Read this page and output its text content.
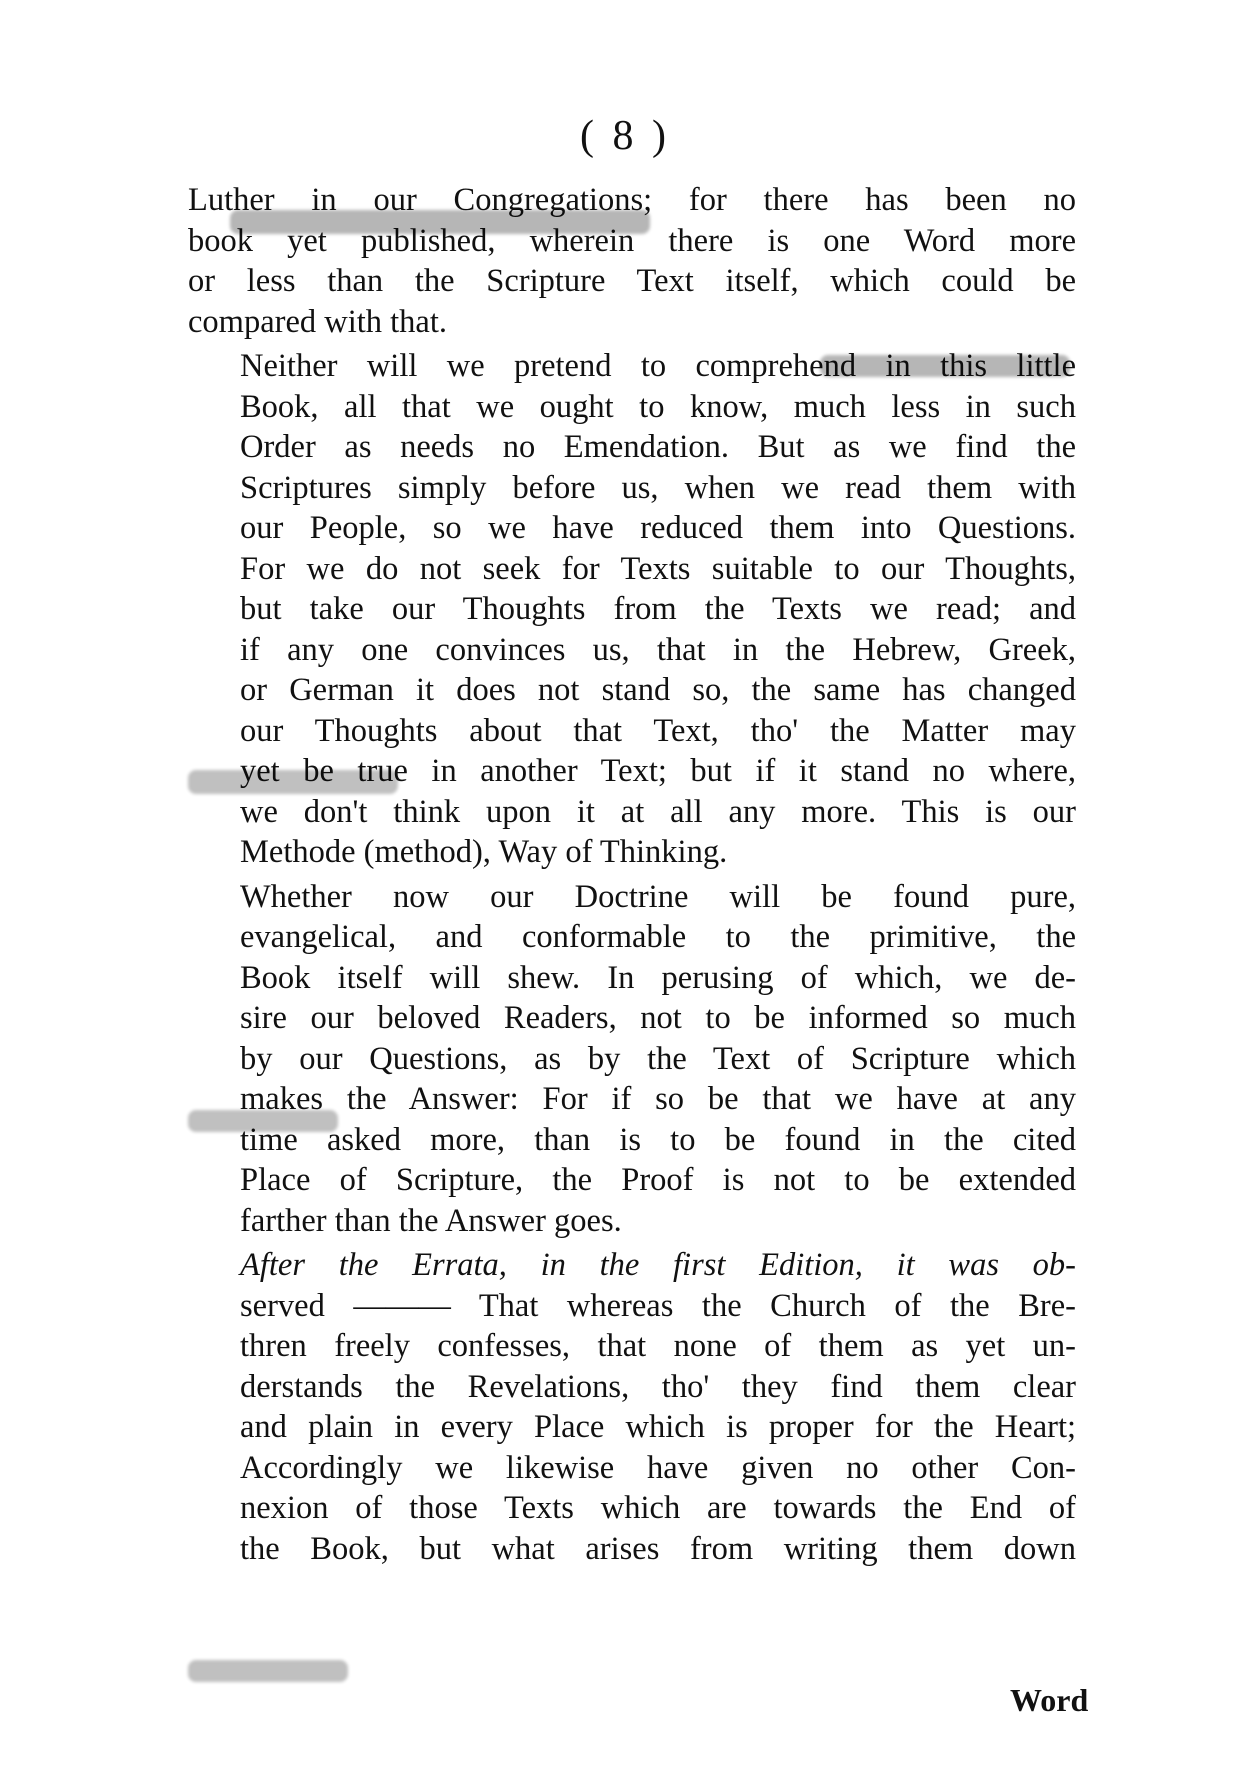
( 8 )
Luther in our Congregations; for there has been no
book yet published, wherein there is one Word more
or less than the Scripture Text itself, which could be
compared with that.
Neither will we pretend to comprehend in this little
Book, all that we ought to know, much less in such
Order as needs no Emendation. But as we find the
Scriptures simply before us, when we read them with
our People, so we have reduced them into Questions.
For we do not seek for Texts suitable to our Thoughts,
but take our Thoughts from the Texts we read; and
if any one convinces us, that in the Hebrew, Greek,
or German it does not stand so, the same has changed
our Thoughts about that Text, tho' the Matter may
yet be true in another Text; but if it stand no where,
we don't think upon it at all any more. This is our
Methode (method), Way of Thinking.
Whether now our Doctrine will be found pure,
evangelical, and conformable to the primitive, the
Book itself will shew. In perusing of which, we de-
sire our beloved Readers, not to be informed so much
by our Questions, as by the Text of Scripture which
makes the Answer: For if so be that we have at any
time asked more, than is to be found in the cited
Place of Scripture, the Proof is not to be extended
farther than the Answer goes.
After the Errata, in the first Edition, it was ob-
served ——— That whereas the Church of the Bre-
thren freely confesses, that none of them as yet un-
derstands the Revelations, tho' they find them clear
and plain in every Place which is proper for the Heart;
Accordingly we likewise have given no other Con-
nexion of those Texts which are towards the End of
the Book, but what arises from writing them down
Word
